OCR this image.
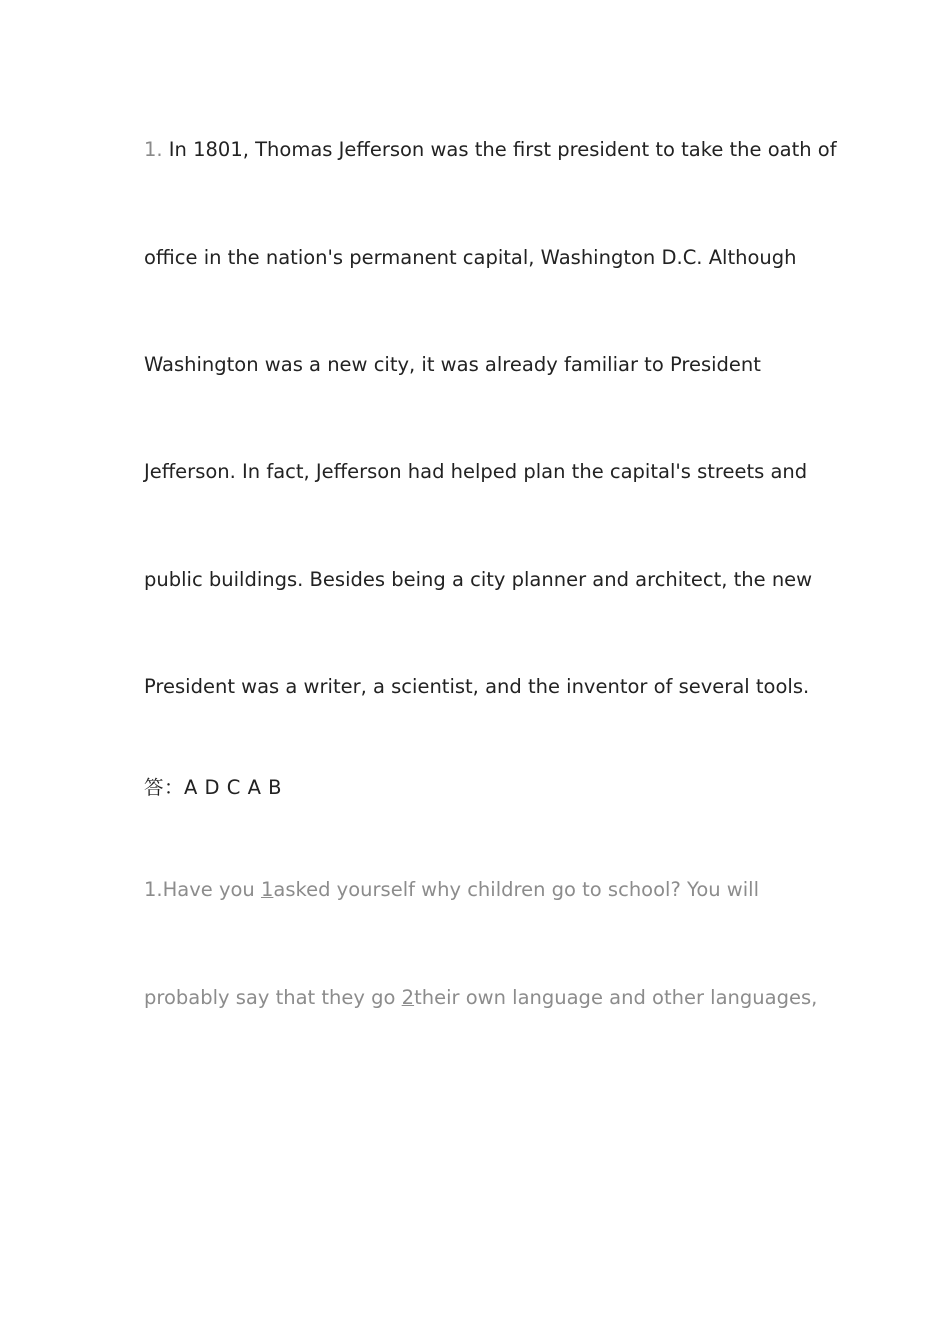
1. In 1801, Thomas Jefferson was the first president to take the oath of
office in the nation's permanent capital, Washington D.C. Although
Washington was a new city, it was already familiar to President
Jefferson. In fact, Jefferson had helped plan the capital's streets and
public buildings. Besides being a city planner and architect, the new
President was a writer, a scientist, and the inventor of several tools.
答：A D C A B
1.Have you 1asked yourself why children go to school? You will
probably say that they go 2their own language and other languages,
